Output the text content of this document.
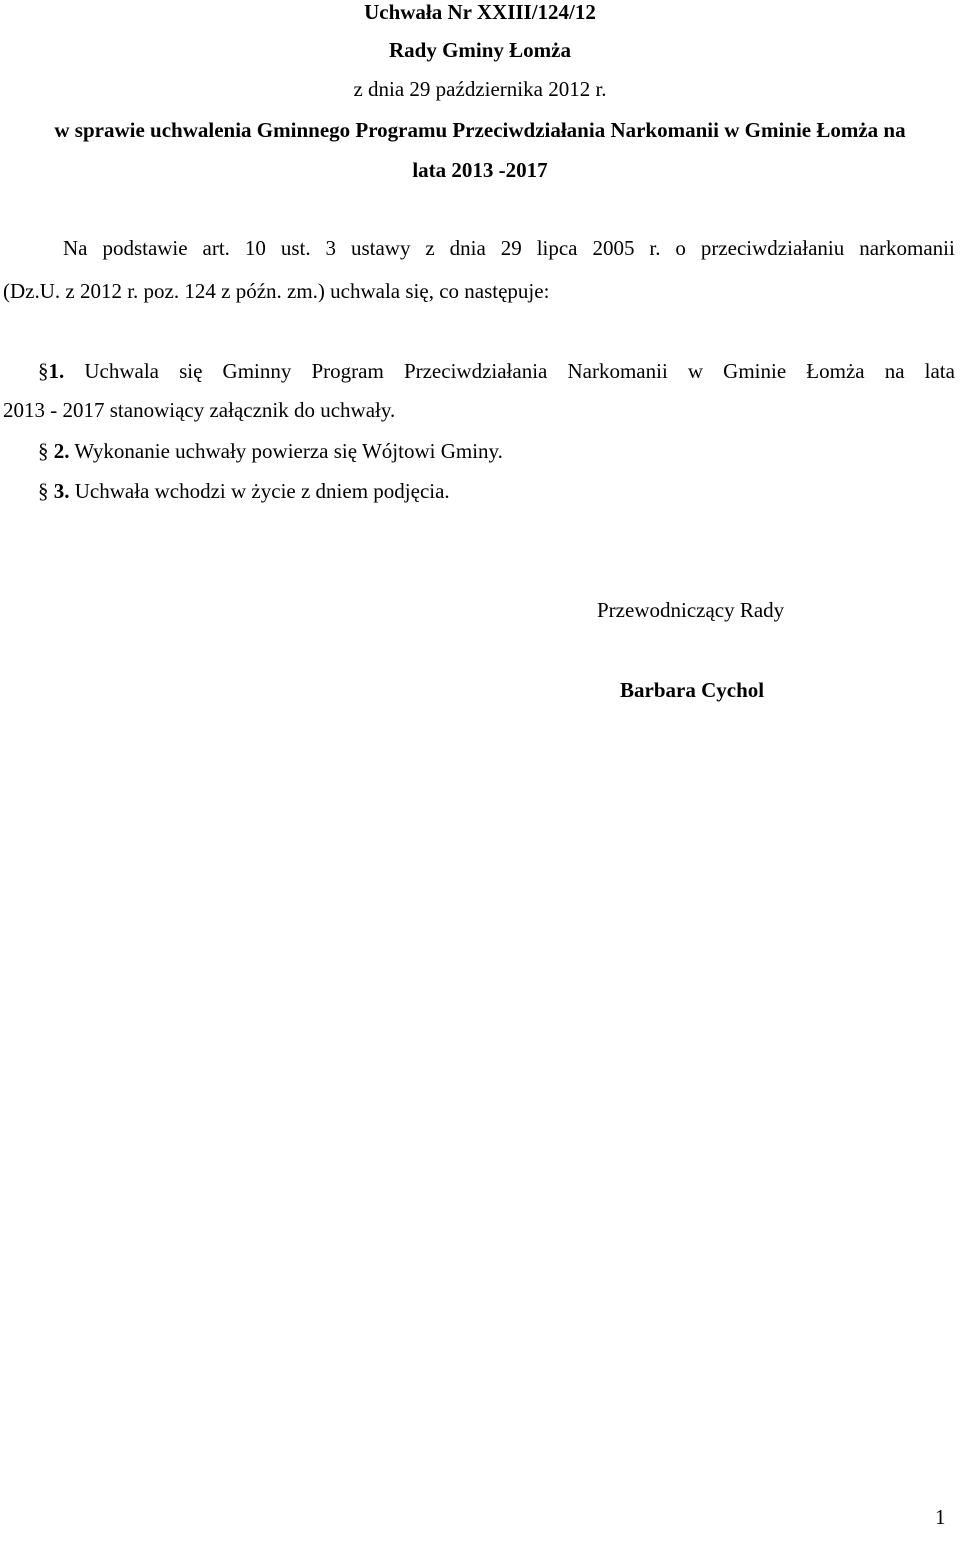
Uchwała Nr XXIII/124/12
Rady Gminy Łomża
z dnia 29 października 2012 r.
w sprawie uchwalenia Gminnego Programu Przeciwdziałania Narkomanii w Gminie Łomża na
lata 2013 -2017
Na podstawie art. 10 ust. 3 ustawy z dnia 29 lipca 2005 r. o przeciwdziałaniu narkomanii
(Dz.U. z 2012 r. poz. 124 z późn. zm.) uchwala się, co następuje:
§1. Uchwala się Gminny Program Przeciwdziałania Narkomanii w Gminie Łomża na lata
2013 - 2017 stanowiący załącznik do uchwały.
§ 2. Wykonanie uchwały powierza się Wójtowi Gminy.
§ 3. Uchwała wchodzi w życie z dniem podjęcia.
Przewodniczący Rady
Barbara Cychol
1
